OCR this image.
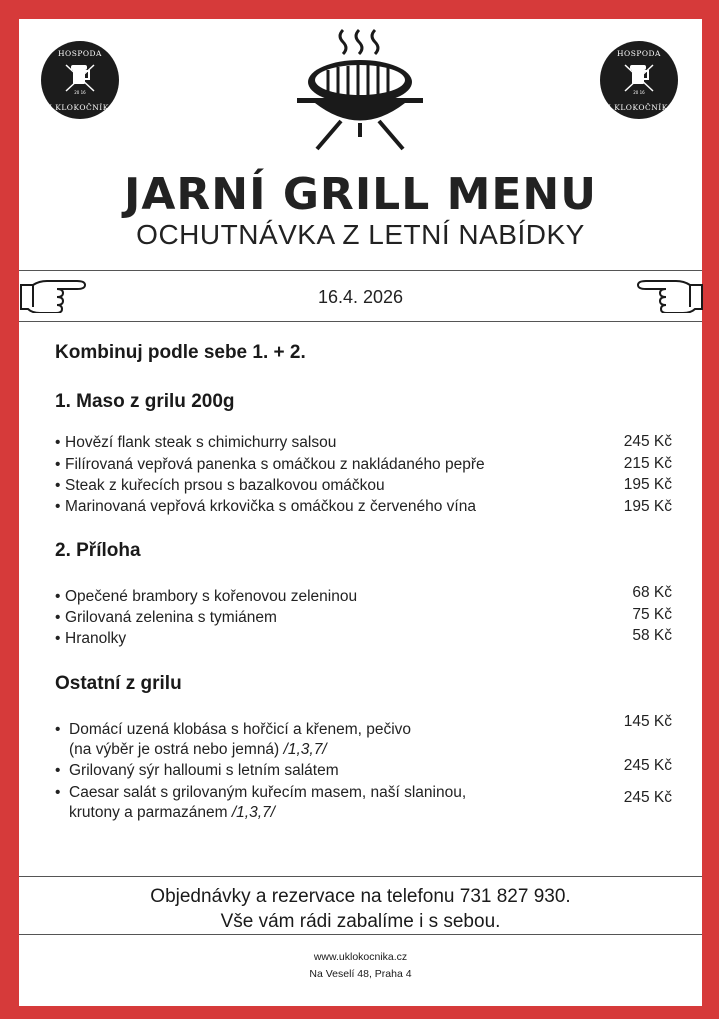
HOSPODA
U KLOKOČNÍKA
20 16
HOSPODA
U KLOKOČNÍKA
20 16
JARNÍ GRILL MENU
OCHUTNÁVKA Z LETNÍ NABÍDKY
16.4. 2026
Kombinuj podle sebe 1. + 2.
1. Maso z grilu 200g
• Hovězí flank steak s chimichurry salsou	245 Kč
• Filírovaná vepřová panenka s omáčkou z nakládaného pepře	215 Kč
• Steak z kuřecích prsou s bazalkovou omáčkou	195 Kč
• Marinovaná vepřová krkovička s omáčkou z červeného vína	195 Kč
2. Příloha
• Opečené brambory s kořenovou zeleninou	68 Kč
• Grilovaná zelenina s tymiánem	75 Kč
• Hranolky	58 Kč
Ostatní z grilu
• Domácí uzená klobása s hořčicí a křenem, pečivo
(na výběr je ostrá nebo jemná) /1,3,7/
145 Kč
• Grilovaný sýr halloumi s letním salátem	245 Kč
• Caesar salát s grilovaným kuřecím masem, naší slaninou,
krutony a parmazánem /1,3,7/
245 Kč
Objednávky a rezervace na telefonu 731 827 930.
Vše vám rádi zabalíme i s sebou.
www.uklokocnika.cz
Na Veselí 48, Praha 4
